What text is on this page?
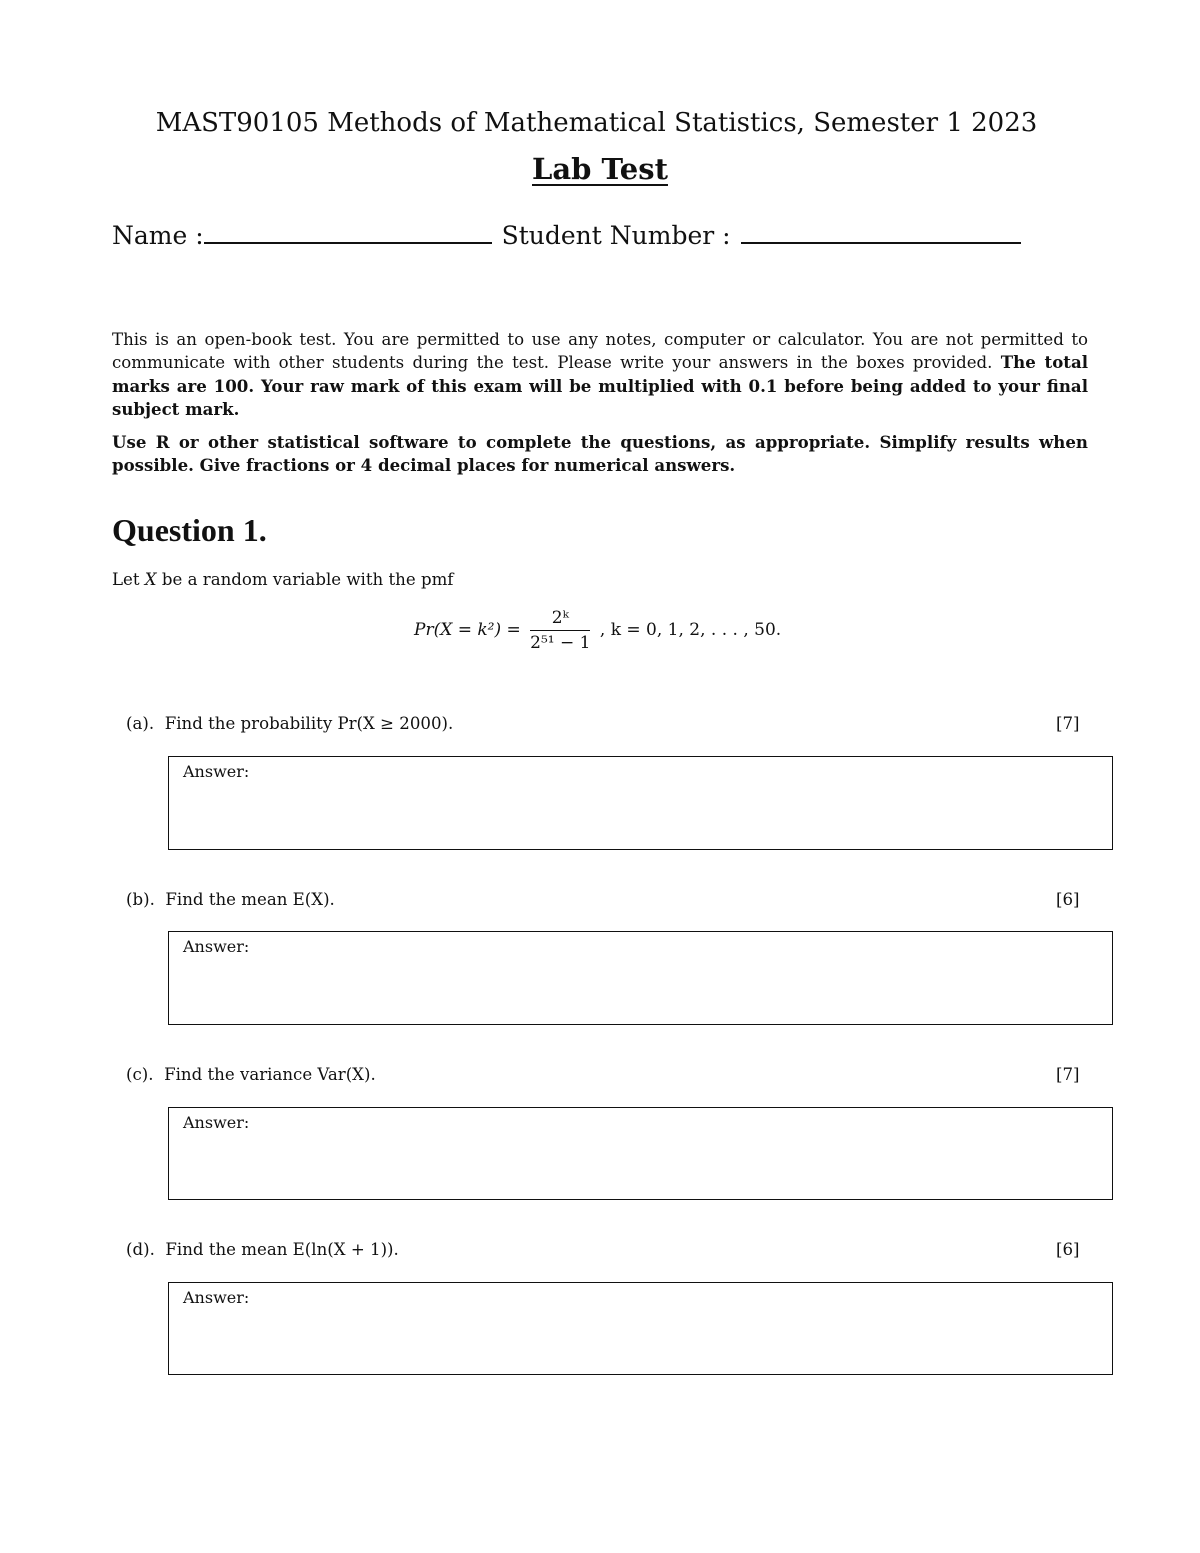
MAST90105 Methods of Mathematical Statistics, Semester 1 2023
Lab Test
Name :	Student Number :

This is an open-book test. You are permitted to use any notes, computer or calculator. You are not permitted to communicate with other students during the test. Please write your answers in the boxes provided. The total marks are 100. Your raw mark of this exam will be multiplied with 0.1 before being added to your final subject mark.

Use R or other statistical software to complete the questions, as appropriate. Simplify results when possible. Give fractions or 4 decimal places for numerical answers.

Question 1.
Let X be a random variable with the pmf
$Pr(X = k^2) = \frac{\text{2ᵏ}}{\text{2⁵¹ − 1}}$ , k = 0, 1, 2, . . . , 50.
(a). Find the probability Pr(X ≥ 2000).	[7]
Answer:
(b). Find the mean E(X).	[6]
Answer:
(c). Find the variance Var(X).	[7]
Answer:
(d). Find the mean E(ln(X + 1)).	[6]
Answer:
